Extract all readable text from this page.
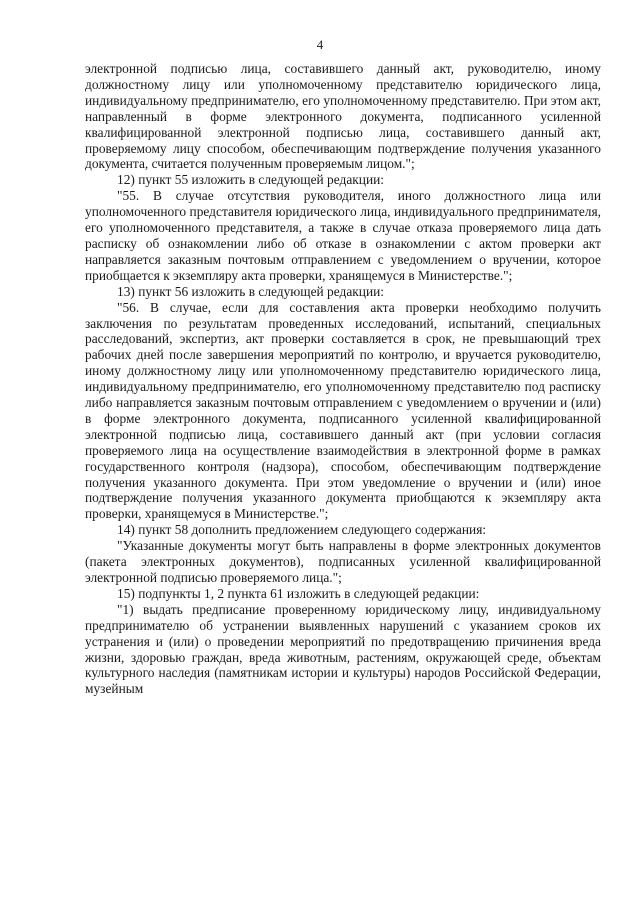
4

электронной подписью лица, составившего данный акт, руководителю, иному должностному лицу или уполномоченному представителю юридического лица, индивидуальному предпринимателю, его уполномоченному представителю. При этом акт, направленный в форме электронного документа, подписанного усиленной квалифицированной электронной подписью лица, составившего данный акт, проверяемому лицу способом, обеспечивающим подтверждение получения указанного документа, считается полученным проверяемым лицом.";

12) пункт 55 изложить в следующей редакции:

"55. В случае отсутствия руководителя, иного должностного лица или уполномоченного представителя юридического лица, индивидуального предпринимателя, его уполномоченного представителя, а также в случае отказа проверяемого лица дать расписку об ознакомлении либо об отказе в ознакомлении с актом проверки акт направляется заказным почтовым отправлением с уведомлением о вручении, которое приобщается к экземпляру акта проверки, хранящемуся в Министерстве.";

13) пункт 56 изложить в следующей редакции:

"56. В случае, если для составления акта проверки необходимо получить заключения по результатам проведенных исследований, испытаний, специальных расследований, экспертиз, акт проверки составляется в срок, не превышающий трех рабочих дней после завершения мероприятий по контролю, и вручается руководителю, иному должностному лицу или уполномоченному представителю юридического лица, индивидуальному предпринимателю, его уполномоченному представителю под расписку либо направляется заказным почтовым отправлением с уведомлением о вручении и (или) в форме электронного документа, подписанного усиленной квалифицированной электронной подписью лица, составившего данный акт (при условии согласия проверяемого лица на осуществление взаимодействия в электронной форме в рамках государственного контроля (надзора), способом, обеспечивающим подтверждение получения указанного документа. При этом уведомление о вручении и (или) иное подтверждение получения указанного документа приобщаются к экземпляру акта проверки, хранящемуся в Министерстве.";

14) пункт 58 дополнить предложением следующего содержания:

"Указанные документы могут быть направлены в форме электронных документов (пакета электронных документов), подписанных усиленной квалифицированной электронной подписью проверяемого лица.";

15) подпункты 1, 2 пункта 61 изложить в следующей редакции:

"1) выдать предписание проверенному юридическому лицу, индивидуальному предпринимателю об устранении выявленных нарушений с указанием сроков их устранения и (или) о проведении мероприятий по предотвращению причинения вреда жизни, здоровью граждан, вреда животным, растениям, окружающей среде, объектам культурного наследия (памятникам истории и культуры) народов Российской Федерации, музейным
